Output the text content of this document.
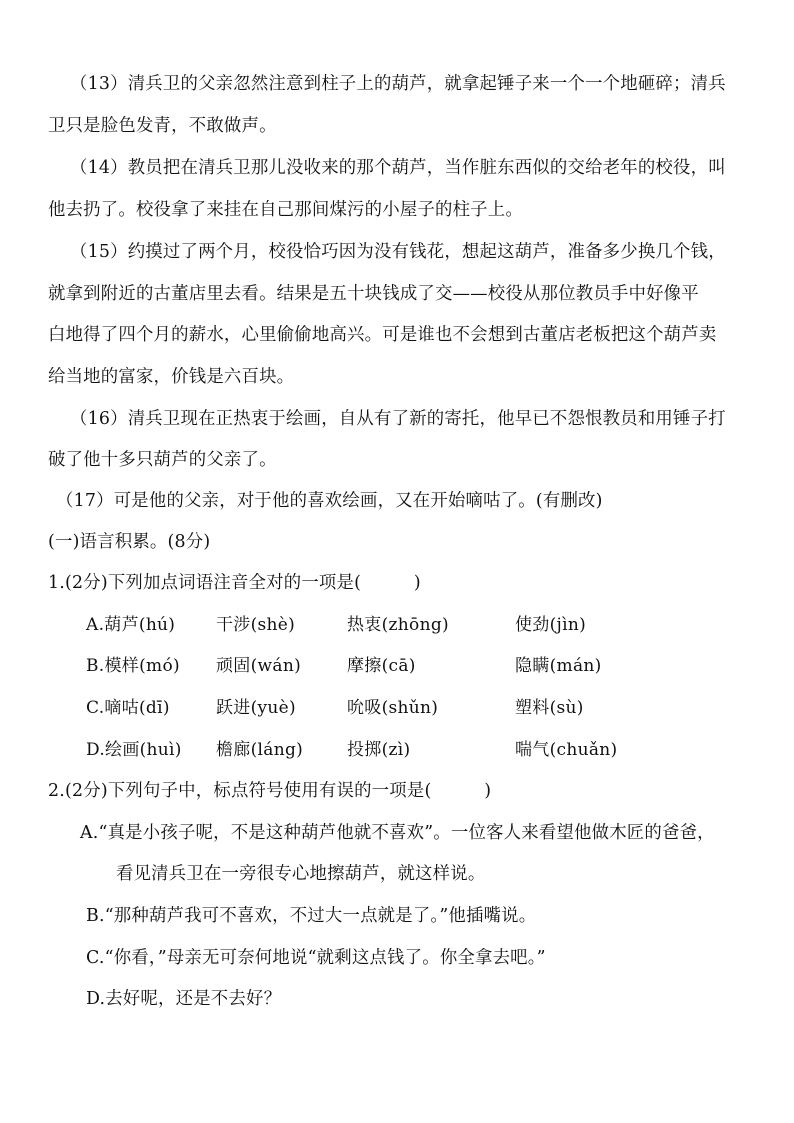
（13）清兵卫的父亲忽然注意到柱子上的葫芦，就拿起锤子来一个一个地砸碎；清兵
卫只是脸色发青，不敢做声。
（14）教员把在清兵卫那儿没收来的那个葫芦，当作脏东西似的交给老年的校役，叫
他去扔了。校役拿了来挂在自己那间煤污的小屋子的柱子上。
（15）约摸过了两个月，校役恰巧因为没有钱花，想起这葫芦，准备多少换几个钱，
就拿到附近的古董店里去看。结果是五十块钱成了交——校役从那位教员手中好像平
白地得了四个月的薪水，心里偷偷地高兴。可是谁也不会想到古董店老板把这个葫芦卖
给当地的富家，价钱是六百块。
（16）清兵卫现在正热衷于绘画，自从有了新的寄托，他早已不怨恨教员和用锤子打
破了他十多只葫芦的父亲了。
（17）可是他的父亲，对于他的喜欢绘画，又在开始嘀咕了。(有删改)
(一)语言积累。(8分)
1.(2分)下列加点词语注音全对的一项是(　　　)
A.葫芦(hú) 干涉(shè)	热衷(zhōng)	使劲(jìn)
B.模样(mó) 顽固(wán)	摩擦(cā)	隐瞒(mán)
C.嘀咕(dī)	跃进(yuè)	吮吸(shǔn)	塑料(sù)
D.绘画(huì) 檐廊(láng)	投掷(zì)	喘气(chuǎn)
2.(2分)下列句子中，标点符号使用有误的一项是(　　　)
A.“真是小孩子呢，不是这种葫芦他就不喜欢”。一位客人来看望他做木匠的爸爸，
看见清兵卫在一旁很专心地擦葫芦，就这样说。
B.“那种葫芦我可不喜欢，不过大一点就是了。”他插嘴说。
C.“你看，”母亲无可奈何地说“就剩这点钱了。你全拿去吧。”
D.去好呢，还是不去好？
